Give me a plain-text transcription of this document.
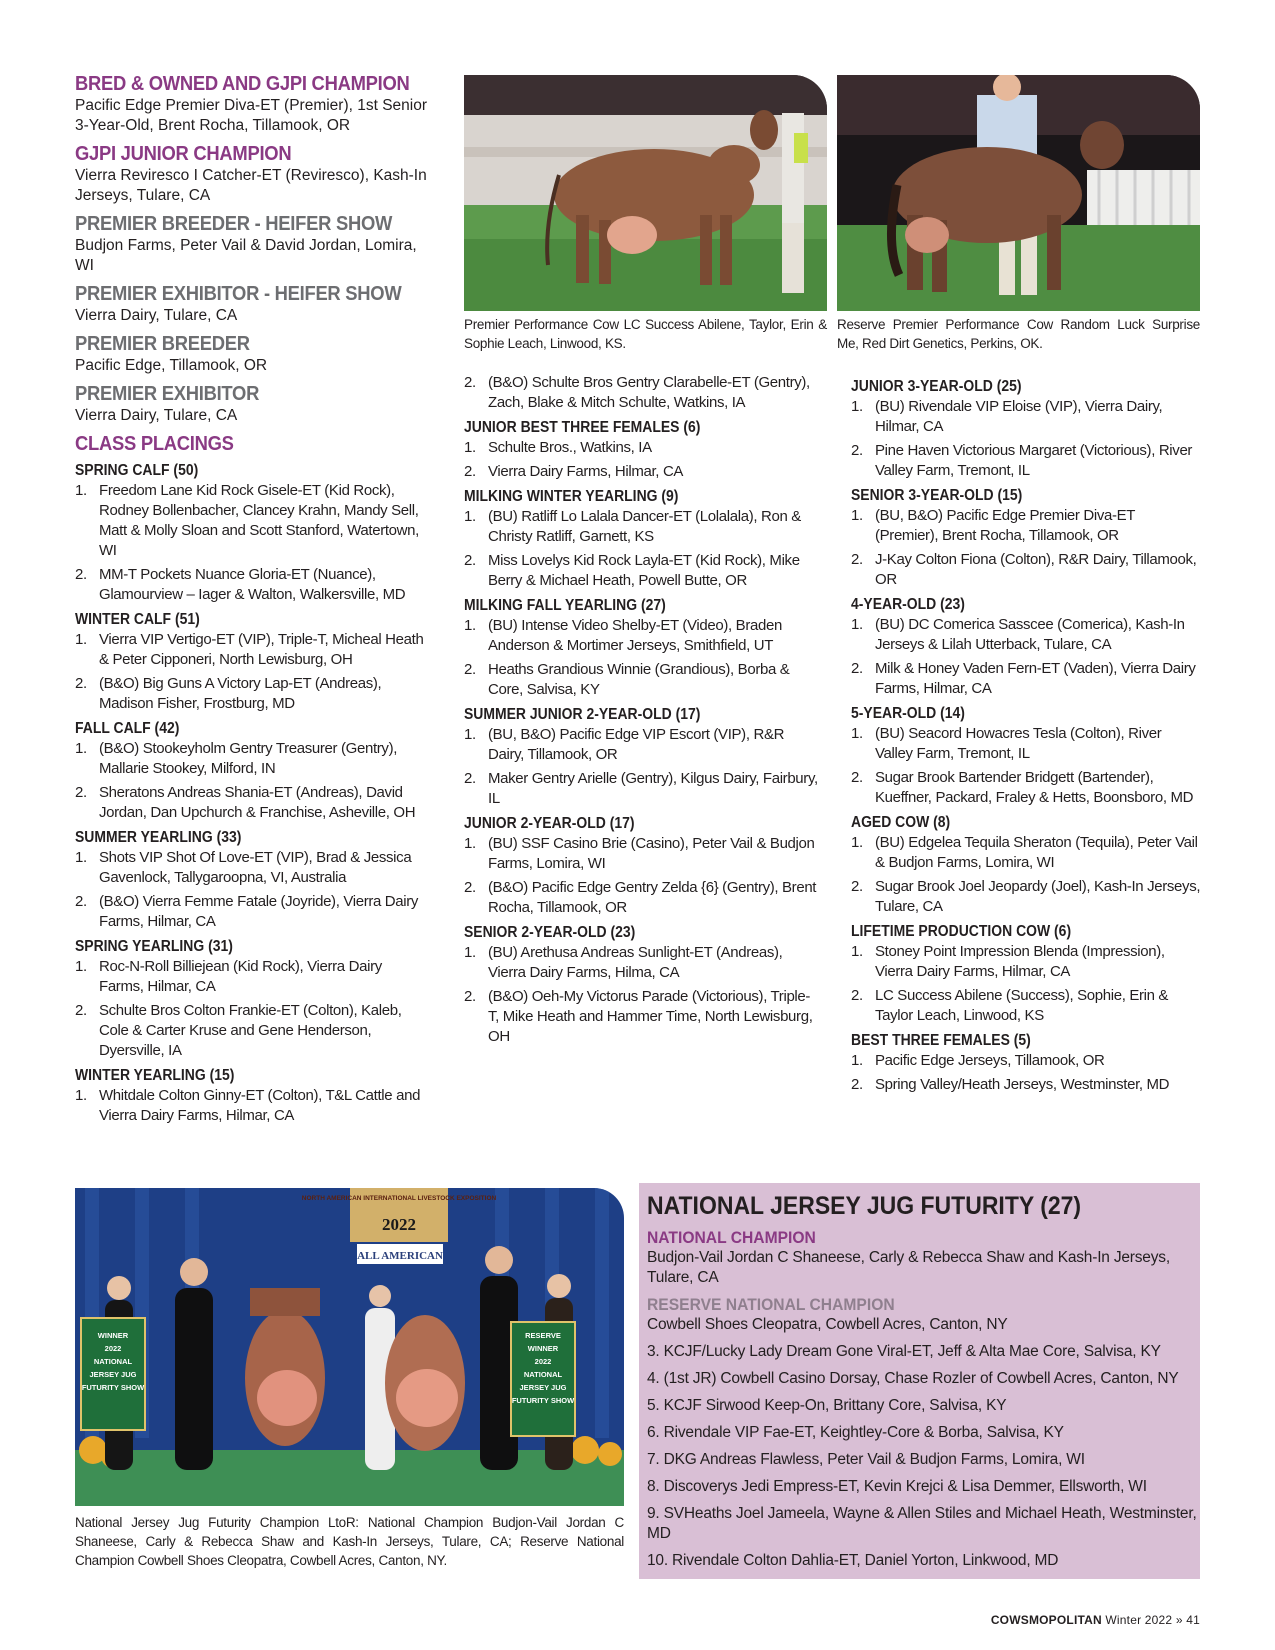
BRED & OWNED AND GJPI CHAMPION
Pacific Edge Premier Diva-ET (Premier), 1st Senior 3-Year-Old, Brent Rocha, Tillamook, OR
GJPI JUNIOR CHAMPION
Vierra Reviresco I Catcher-ET (Reviresco), Kash-In Jerseys, Tulare, CA
PREMIER BREEDER - HEIFER SHOW
Budjon Farms, Peter Vail & David Jordan, Lomira, WI
PREMIER EXHIBITOR - HEIFER SHOW
Vierra Dairy, Tulare, CA
PREMIER BREEDER
Pacific Edge, Tillamook, OR
PREMIER EXHIBITOR
Vierra Dairy, Tulare, CA
CLASS PLACINGS
SPRING CALF (50)
1. Freedom Lane Kid Rock Gisele-ET (Kid Rock), Rodney Bollenbacher, Clancey Krahn, Mandy Sell, Matt & Molly Sloan and Scott Stanford, Watertown, WI
2. MM-T Pockets Nuance Gloria-ET (Nuance), Glamourview – Iager & Walton, Walkersville, MD
WINTER CALF (51)
1. Vierra VIP Vertigo-ET (VIP), Triple-T, Micheal Heath & Peter Cipponeri, North Lewisburg, OH
2. (B&O) Big Guns A Victory Lap-ET (Andreas), Madison Fisher, Frostburg, MD
FALL CALF (42)
1. (B&O) Stookeyholm Gentry Treasurer (Gentry), Mallarie Stookey, Milford, IN
2. Sheratons Andreas Shania-ET (Andreas), David Jordan, Dan Upchurch & Franchise, Asheville, OH
SUMMER YEARLING (33)
1. Shots VIP Shot Of Love-ET (VIP), Brad & Jessica Gavenlock, Tallygaroopna, VI, Australia
2. (B&O) Vierra Femme Fatale (Joyride), Vierra Dairy Farms, Hilmar, CA
SPRING YEARLING (31)
1. Roc-N-Roll Billiejean (Kid Rock), Vierra Dairy Farms, Hilmar, CA
2. Schulte Bros Colton Frankie-ET (Colton), Kaleb, Cole & Carter Kruse and Gene Henderson, Dyersville, IA
WINTER YEARLING (15)
1. Whitdale Colton Ginny-ET (Colton), T&L Cattle and Vierra Dairy Farms, Hilmar, CA
Premier Performance Cow LC Success Abilene, Taylor, Erin & Sophie Leach, Linwood, KS.
Reserve Premier Performance Cow Random Luck Surprise Me, Red Dirt Genetics, Perkins, OK.
2. (B&O) Schulte Bros Gentry Clarabelle-ET (Gentry), Zach, Blake & Mitch Schulte, Watkins, IA
JUNIOR BEST THREE FEMALES (6)
1. Schulte Bros., Watkins, IA
2. Vierra Dairy Farms, Hilmar, CA
MILKING WINTER YEARLING (9)
1. (BU) Ratliff Lo Lalala Dancer-ET (Lolalala), Ron & Christy Ratliff, Garnett, KS
2. Miss Lovelys Kid Rock Layla-ET (Kid Rock), Mike Berry & Michael Heath, Powell Butte, OR
MILKING FALL YEARLING (27)
1. (BU) Intense Video Shelby-ET (Video), Braden Anderson & Mortimer Jerseys, Smithfield, UT
2. Heaths Grandious Winnie (Grandious), Borba & Core, Salvisa, KY
SUMMER JUNIOR 2-YEAR-OLD (17)
1. (BU, B&O) Pacific Edge VIP Escort (VIP), R&R Dairy, Tillamook, OR
2. Maker Gentry Arielle (Gentry), Kilgus Dairy, Fairbury, IL
JUNIOR 2-YEAR-OLD (17)
1. (BU) SSF Casino Brie (Casino), Peter Vail & Budjon Farms, Lomira, WI
2. (B&O) Pacific Edge Gentry Zelda {6} (Gentry), Brent Rocha, Tillamook, OR
SENIOR 2-YEAR-OLD (23)
1. (BU) Arethusa Andreas Sunlight-ET (Andreas), Vierra Dairy Farms, Hilma, CA
2. (B&O) Oeh-My Victorus Parade (Victorious), Triple-T, Mike Heath and Hammer Time, North Lewisburg, OH
JUNIOR 3-YEAR-OLD (25)
1. (BU) Rivendale VIP Eloise (VIP), Vierra Dairy, Hilmar, CA
2. Pine Haven Victorious Margaret (Victorious), River Valley Farm, Tremont, IL
SENIOR 3-YEAR-OLD (15)
1. (BU, B&O) Pacific Edge Premier Diva-ET (Premier), Brent Rocha, Tillamook, OR
2. J-Kay Colton Fiona (Colton), R&R Dairy, Tillamook, OR
4-YEAR-OLD (23)
1. (BU) DC Comerica Sasscee (Comerica), Kash-In Jerseys & Lilah Utterback, Tulare, CA
2. Milk & Honey Vaden Fern-ET (Vaden), Vierra Dairy Farms, Hilmar, CA
5-YEAR-OLD (14)
1. (BU) Seacord Howacres Tesla (Colton), River Valley Farm, Tremont, IL
2. Sugar Brook Bartender Bridgett (Bartender), Kueffner, Packard, Fraley & Hetts, Boonsboro, MD
AGED COW (8)
1. (BU) Edgelea Tequila Sheraton (Tequila), Peter Vail & Budjon Farms, Lomira, WI
2. Sugar Brook Joel Jeopardy (Joel), Kash-In Jerseys, Tulare, CA
LIFETIME PRODUCTION COW (6)
1. Stoney Point Impression Blenda (Impression), Vierra Dairy Farms, Hilmar, CA
2. LC Success Abilene (Success), Sophie, Erin & Taylor Leach, Linwood, KS
BEST THREE FEMALES (5)
1. Pacific Edge Jerseys, Tillamook, OR
2. Spring Valley/Heath Jerseys, Westminster, MD
NORTH AMERICAN INTERNATIONAL LIVESTOCK EXPOSITION
2022
ALL AMERICAN
WINNER
2022
NATIONAL
JERSEY JUG
FUTURITY SHOW
RESERVE
WINNER
2022
NATIONAL
JERSEY JUG
FUTURITY SHOW
National Jersey Jug Futurity Champion LtoR: National Champion Budjon-Vail Jordan C Shaneese, Carly & Rebecca Shaw and Kash-In Jerseys, Tulare, CA; Reserve National Champion Cowbell Shoes Cleopatra, Cowbell Acres, Canton, NY.
NATIONAL JERSEY JUG FUTURITY (27)
NATIONAL CHAMPION
Budjon-Vail Jordan C Shaneese, Carly & Rebecca Shaw and Kash-In Jerseys, Tulare, CA
RESERVE NATIONAL CHAMPION
Cowbell Shoes Cleopatra, Cowbell Acres, Canton, NY
3. KCJF/Lucky Lady Dream Gone Viral-ET, Jeff & Alta Mae Core, Salvisa, KY
4. (1st JR) Cowbell Casino Dorsay, Chase Rozler of Cowbell Acres, Canton, NY
5. KCJF Sirwood Keep-On, Brittany Core, Salvisa, KY
6. Rivendale VIP Fae-ET, Keightley-Core & Borba, Salvisa, KY
7. DKG Andreas Flawless, Peter Vail & Budjon Farms, Lomira, WI
8. Discoverys Jedi Empress-ET, Kevin Krejci & Lisa Demmer, Ellsworth, WI
9. SVHeaths Joel Jameela, Wayne & Allen Stiles and Michael Heath, Westminster, MD
10. Rivendale Colton Dahlia-ET, Daniel Yorton, Linkwood, MD
COWSMOPOLITAN Winter 2022 » 41
